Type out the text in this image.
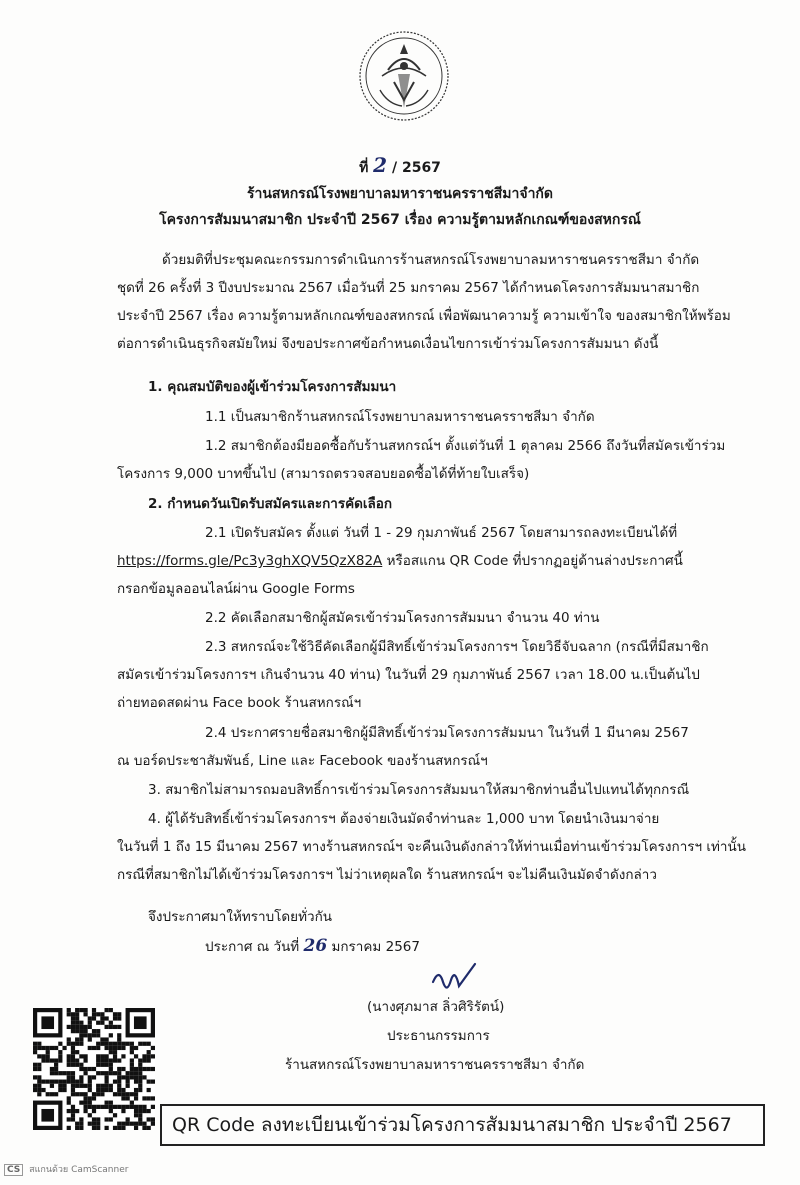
ที่ 2 / 2567
ร้านสหกรณ์โรงพยาบาลมหาราชนครราชสีมาจำกัด
โครงการสัมมนาสมาชิก ประจำปี 2567 เรื่อง ความรู้ตามหลักเกณฑ์ของสหกรณ์
ด้วยมติที่ประชุมคณะกรรมการดำเนินการร้านสหกรณ์โรงพยาบาลมหาราชนครราชสีมา จำกัด
ชุดที่ 26 ครั้งที่ 3 ปีงบประมาณ 2567 เมื่อวันที่ 25 มกราคม 2567 ได้กำหนดโครงการสัมมนาสมาชิก
ประจำปี 2567 เรื่อง ความรู้ตามหลักเกณฑ์ของสหกรณ์ เพื่อพัฒนาความรู้ ความเข้าใจ ของสมาชิกให้พร้อม
ต่อการดำเนินธุรกิจสมัยใหม่ จึงขอประกาศข้อกำหนดเงื่อนไขการเข้าร่วมโครงการสัมมนา ดังนี้
1. คุณสมบัติของผู้เข้าร่วมโครงการสัมมนา
1.1 เป็นสมาชิกร้านสหกรณ์โรงพยาบาลมหาราชนครราชสีมา จำกัด
1.2 สมาชิกต้องมียอดซื้อกับร้านสหกรณ์ฯ ตั้งแต่วันที่ 1 ตุลาคม 2566 ถึงวันที่สมัครเข้าร่วม
โครงการ 9,000 บาทขึ้นไป (สามารถตรวจสอบยอดซื้อได้ที่ท้ายใบเสร็จ)
2. กำหนดวันเปิดรับสมัครและการคัดเลือก
2.1 เปิดรับสมัคร ตั้งแต่ วันที่ 1 - 29 กุมภาพันธ์ 2567 โดยสามารถลงทะเบียนได้ที่
https://forms.gle/Pc3y3ghXQV5QzX82A หรือสแกน QR Code ที่ปรากฏอยู่ด้านล่างประกาศนี้
กรอกข้อมูลออนไลน์ผ่าน Google Forms
2.2 คัดเลือกสมาชิกผู้สมัครเข้าร่วมโครงการสัมมนา จำนวน 40 ท่าน
2.3 สหกรณ์จะใช้วิธีคัดเลือกผู้มีสิทธิ์เข้าร่วมโครงการฯ โดยวิธีจับฉลาก (กรณีที่มีสมาชิก
สมัครเข้าร่วมโครงการฯ เกินจำนวน 40 ท่าน) ในวันที่ 29 กุมภาพันธ์ 2567 เวลา 18.00 น.เป็นต้นไป
ถ่ายทอดสดผ่าน Face book ร้านสหกรณ์ฯ
2.4 ประกาศรายชื่อสมาชิกผู้มีสิทธิ์เข้าร่วมโครงการสัมมนา ในวันที่ 1 มีนาคม 2567
ณ บอร์ดประชาสัมพันธ์, Line และ Facebook ของร้านสหกรณ์ฯ
3. สมาชิกไม่สามารถมอบสิทธิ์การเข้าร่วมโครงการสัมมนาให้สมาชิกท่านอื่นไปแทนได้ทุกกรณี
4. ผู้ได้รับสิทธิ์เข้าร่วมโครงการฯ ต้องจ่ายเงินมัดจำท่านละ 1,000 บาท โดยนำเงินมาจ่าย
ในวันที่ 1 ถึง 15 มีนาคม 2567 ทางร้านสหกรณ์ฯ จะคืนเงินดังกล่าวให้ท่านเมื่อท่านเข้าร่วมโครงการฯ เท่านั้น
กรณีที่สมาชิกไม่ได้เข้าร่วมโครงการฯ ไม่ว่าเหตุผลใด ร้านสหกรณ์ฯ จะไม่คืนเงินมัดจำดังกล่าว
จึงประกาศมาให้ทราบโดยทั่วกัน
ประกาศ ณ วันที่ 26 มกราคม 2567
(นางศุภมาส ลิ่วศิริรัตน์)
ประธานกรรมการ
ร้านสหกรณ์โรงพยาบาลมหาราชนครราชสีมา จำกัด
QR Code ลงทะเบียนเข้าร่วมโครงการสัมมนาสมาชิก ประจำปี 2567
CS สแกนด้วย CamScanner
